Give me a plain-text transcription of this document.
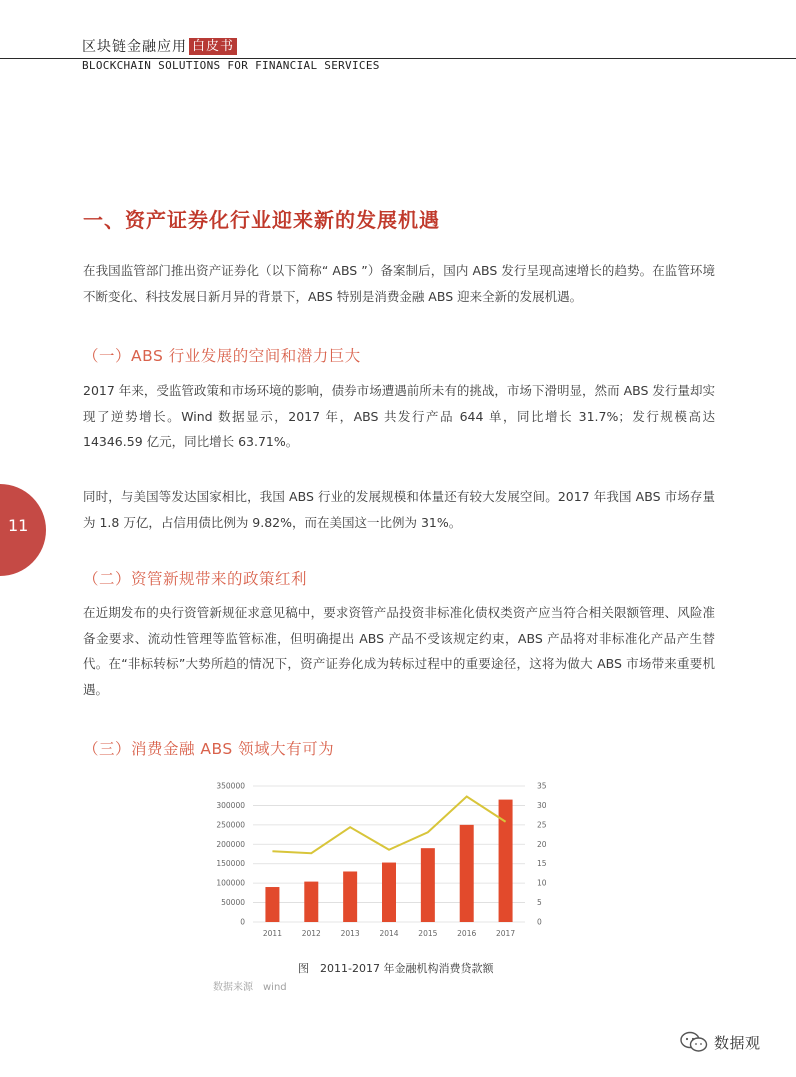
区块链金融应用 白皮书
BLOCKCHAIN SOLUTIONS FOR FINANCIAL SERVICES
一、资产证券化行业迎来新的发展机遇

在我国监管部门推出资产证券化（以下简称“ ABS ”）备案制后，国内 ABS 发行呈现高速增长的趋势。在监管环境不断变化、科技发展日新月异的背景下，ABS 特别是消费金融 ABS 迎来全新的发展机遇。

（一）ABS 行业发展的空间和潜力巨大

2017 年来，受监管政策和市场环境的影响，债券市场遭遇前所未有的挑战，市场下滑明显，然而 ABS 发行量却实现了逆势增长。Wind 数据显示，2017 年，ABS 共发行产品 644 单，同比增长 31.7%；发行规模高达 14346.59 亿元，同比增长 63.71%。

同时，与美国等发达国家相比，我国 ABS 行业的发展规模和体量还有较大发展空间。2017 年我国 ABS 市场存量为 1.8 万亿，占信用债比例为 9.82%，而在美国这一比例为 31%。

11
（二）资管新规带来的政策红利

在近期发布的央行资管新规征求意见稿中，要求资管产品投资非标准化债权类资产应当符合相关限额管理、风险准备金要求、流动性管理等监管标准，但明确提出 ABS 产品不受该规定约束，ABS 产品将对非标准化产品产生替代。在“非标转标”大势所趋的情况下，资产证券化成为转标过程中的重要途径，这将为做大 ABS 市场带来重要机遇。

（三）消费金融 ABS 领域大有可为
0
50000
100000
150000
200000
250000
300000
350000
0
5
10
15
20
25
30
35
2011	2012	2013	2014	2015	2016	2017
图　2011-2017 年金融机构消费贷款额
数据来源　wind
数据观
